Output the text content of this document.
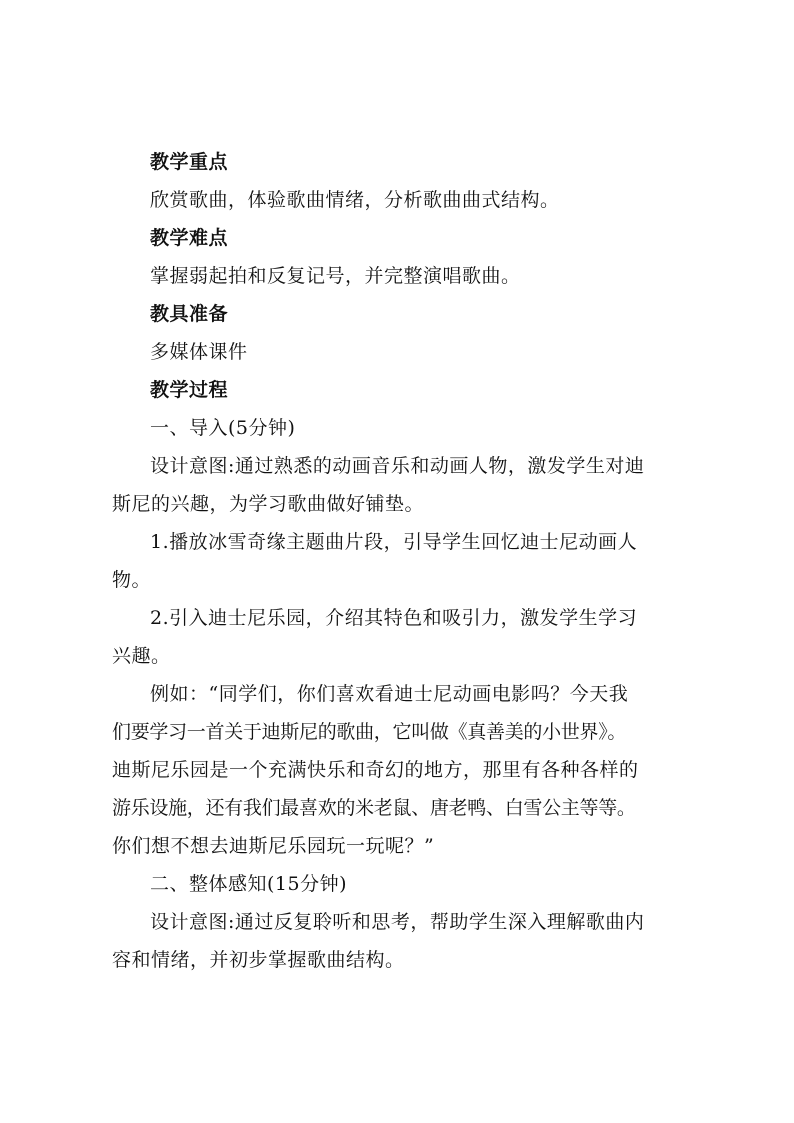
教学重点
欣赏歌曲，体验歌曲情绪，分析歌曲曲式结构。
教学难点
掌握弱起拍和反复记号，并完整演唱歌曲。
教具准备
多媒体课件
教学过程
一、导入(5分钟)
设计意图:通过熟悉的动画音乐和动画人物，激发学生对迪
斯尼的兴趣，为学习歌曲做好铺垫。
1.播放冰雪奇缘主题曲片段，引导学生回忆迪士尼动画人
物。
2.引入迪士尼乐园，介绍其特色和吸引力，激发学生学习
兴趣。
例如：“同学们，你们喜欢看迪士尼动画电影吗？今天我
们要学习一首关于迪斯尼的歌曲，它叫做《真善美的小世界》。
迪斯尼乐园是一个充满快乐和奇幻的地方，那里有各种各样的
游乐设施，还有我们最喜欢的米老鼠、唐老鸭、白雪公主等等。
你们想不想去迪斯尼乐园玩一玩呢？”
二、整体感知(15分钟)
设计意图:通过反复聆听和思考，帮助学生深入理解歌曲内
容和情绪，并初步掌握歌曲结构。
